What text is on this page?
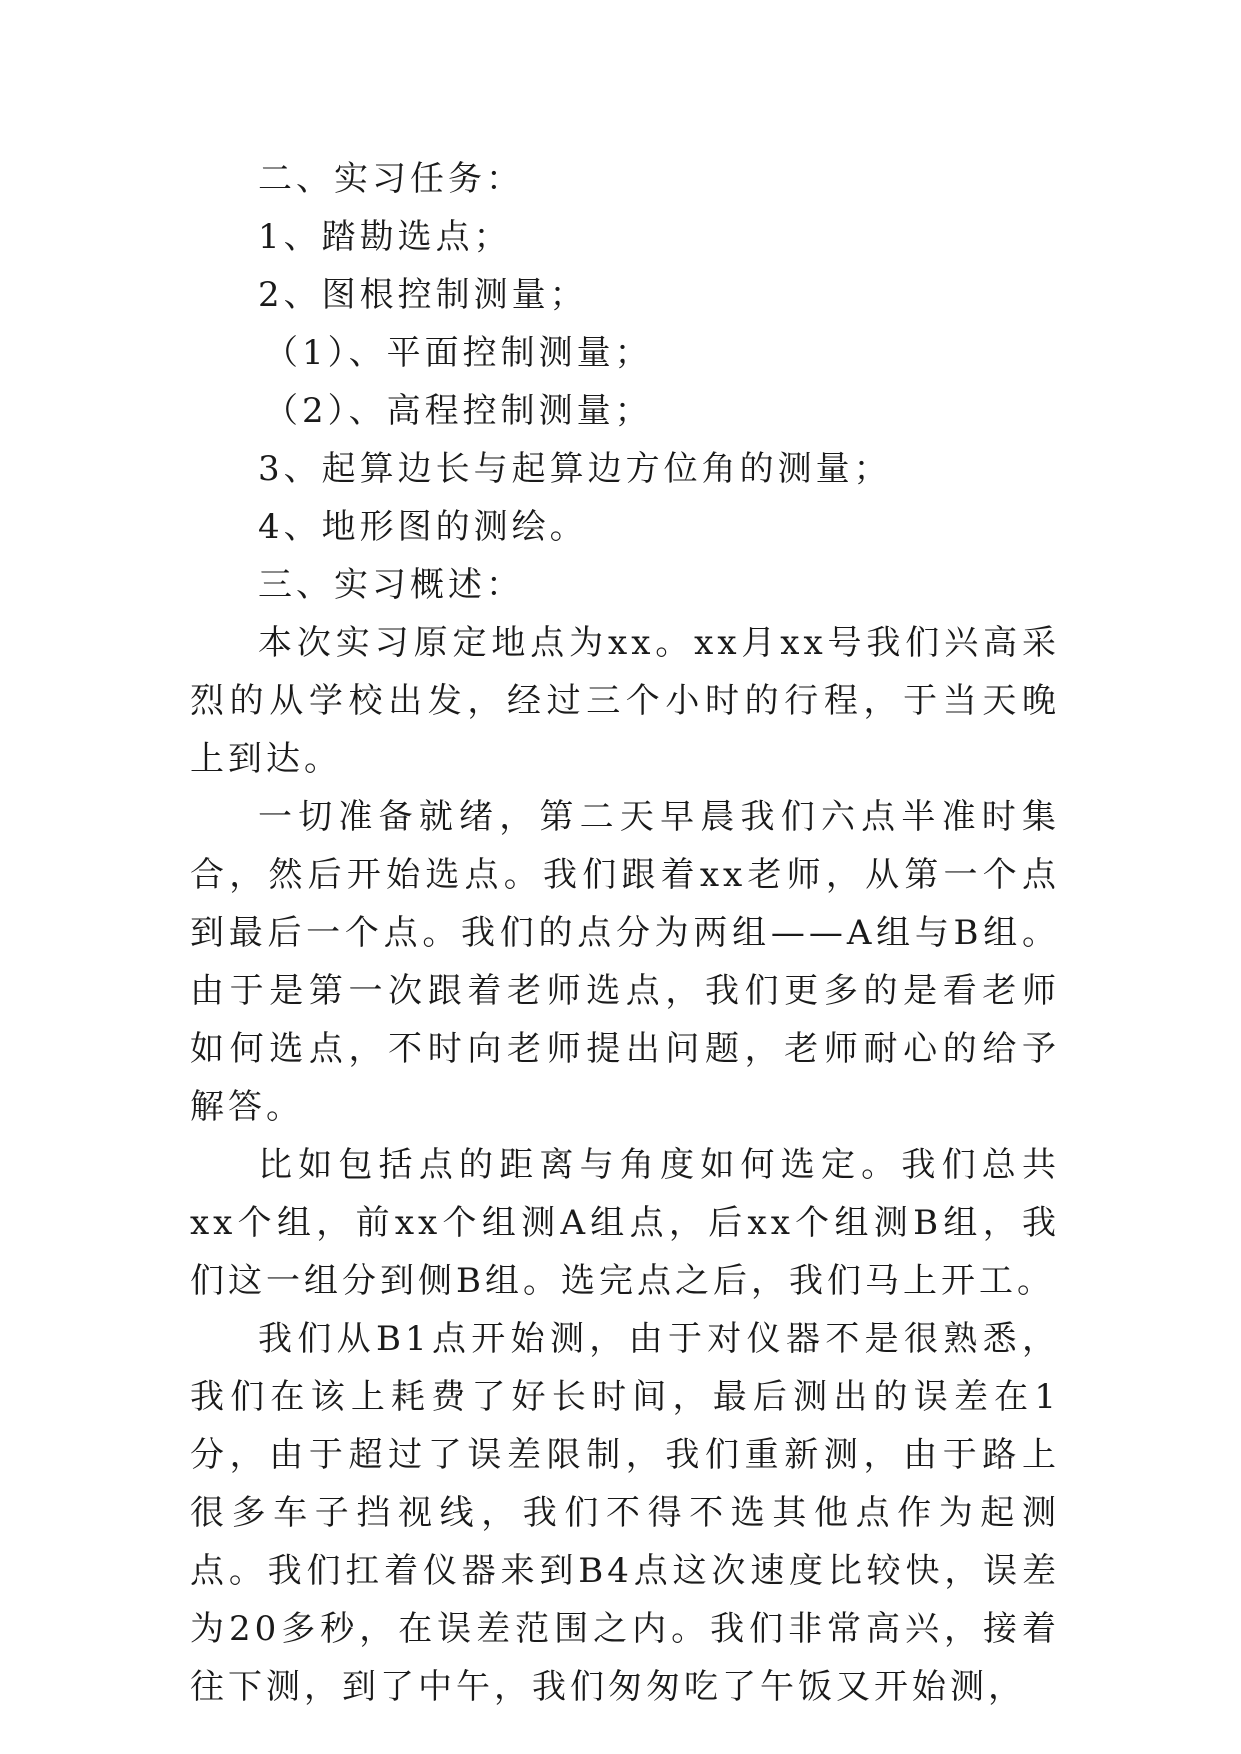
二、实习任务：
1、踏勘选点；
2、图根控制测量；
（1）、平面控制测量；
（2）、高程控制测量；
3、起算边长与起算边方位角的测量；
4、地形图的测绘。
三、实习概述：

本次实习原定地点为xx。xx月xx号我们兴高采烈的从学校出发，经过三个小时的行程，于当天晚上到达。

一切准备就绪，第二天早晨我们六点半准时集合，然后开始选点。我们跟着xx老师，从第一个点到最后一个点。我们的点分为两组——A组与B组。由于是第一次跟着老师选点，我们更多的是看老师如何选点，不时向老师提出问题，老师耐心的给予解答。

比如包括点的距离与角度如何选定。我们总共xx个组，前xx个组测A组点，后xx个组测B组，我们这一组分到侧B组。选完点之后，我们马上开工。

我们从B1点开始测，由于对仪器不是很熟悉，我们在该上耗费了好长时间，最后测出的误差在1分，由于超过了误差限制，我们重新测，由于路上很多车子挡视线，我们不得不选其他点作为起测点。我们扛着仪器来到B4点这次速度比较快，误差为20多秒，在误差范围之内。我们非常高兴，接着往下测，到了中午，我们匆匆吃了午饭又开始测，
